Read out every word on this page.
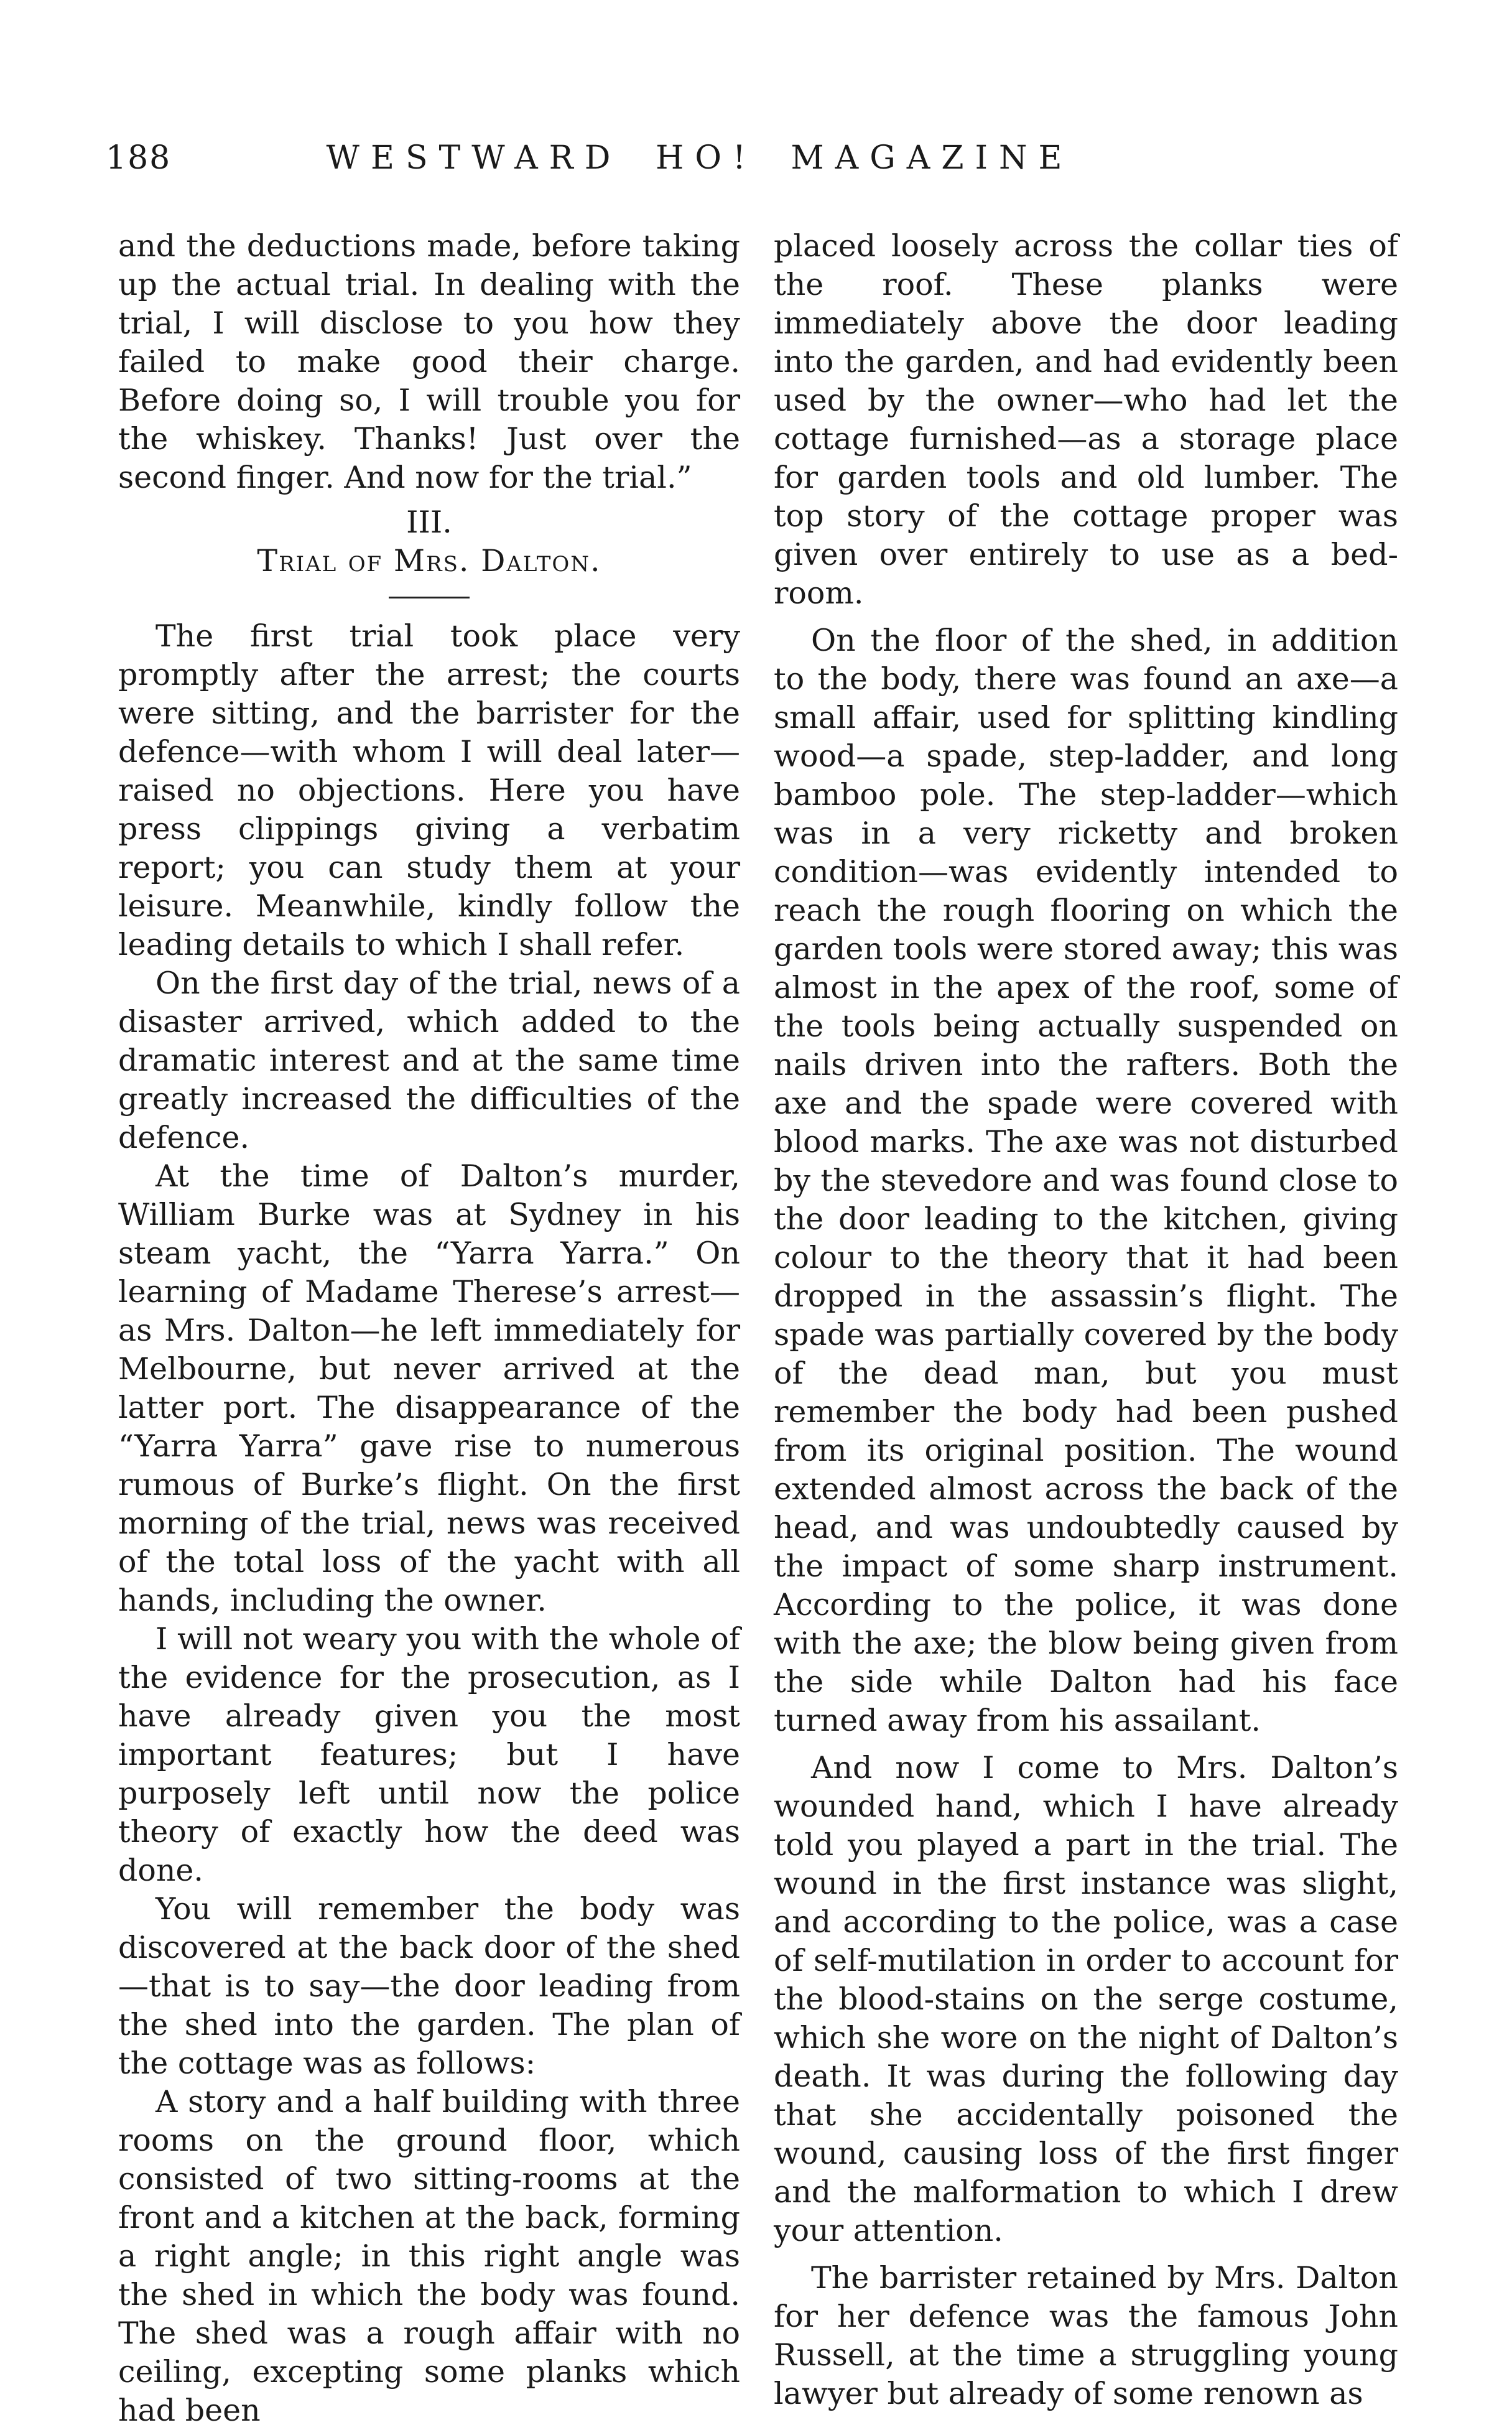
188	WESTWARD HO! MAGAZINE

and the deductions made, before taking up the actual trial. In dealing with the trial, I will disclose to you how they failed to make good their charge. Before doing so, I will trouble you for the whiskey. Thanks! Just over the second finger. And now for the trial.”

III.
Trial of Mrs. Dalton.

The first trial took place very promptly after the arrest; the courts were sitting, and the barrister for the defence—with whom I will deal later—raised no objections. Here you have press clippings giving a verbatim report; you can study them at your leisure. Meanwhile, kindly follow the leading details to which I shall refer.

On the first day of the trial, news of a disaster arrived, which added to the dramatic interest and at the same time greatly increased the difficulties of the defence.

At the time of Dalton’s murder, William Burke was at Sydney in his steam yacht, the “Yarra Yarra.” On learning of Madame Therese’s arrest—as Mrs. Dalton—he left immediately for Melbourne, but never arrived at the latter port. The disappearance of the “Yarra Yarra” gave rise to numerous rumous of Burke’s flight. On the first morning of the trial, news was received of the total loss of the yacht with all hands, including the owner.

I will not weary you with the whole of the evidence for the prosecution, as I have already given you the most important features; but I have purposely left until now the police theory of exactly how the deed was done.

You will remember the body was discovered at the back door of the shed—that is to say—the door leading from the shed into the garden. The plan of the cottage was as follows:

A story and a half building with three rooms on the ground floor, which consisted of two sitting-rooms at the front and a kitchen at the back, forming a right angle; in this right angle was the shed in which the body was found. The shed was a rough affair with no ceiling, excepting some planks which had been

placed loosely across the collar ties of the roof. These planks were immediately above the door leading into the garden, and had evidently been used by the owner—who had let the cottage furnished—as a storage place for garden tools and old lumber. The top story of the cottage proper was given over entirely to use as a bed-room.

On the floor of the shed, in addition to the body, there was found an axe—a small affair, used for splitting kindling wood—a spade, step-ladder, and long bamboo pole. The step-ladder—which was in a very ricketty and broken condition—was evidently intended to reach the rough flooring on which the garden tools were stored away; this was almost in the apex of the roof, some of the tools being actually suspended on nails driven into the rafters. Both the axe and the spade were covered with blood marks. The axe was not disturbed by the stevedore and was found close to the door leading to the kitchen, giving colour to the theory that it had been dropped in the assassin’s flight. The spade was partially covered by the body of the dead man, but you must remember the body had been pushed from its original position. The wound extended almost across the back of the head, and was undoubtedly caused by the impact of some sharp instrument. According to the police, it was done with the axe; the blow being given from the side while Dalton had his face turned away from his assailant.

And now I come to Mrs. Dalton’s wounded hand, which I have already told you played a part in the trial. The wound in the first instance was slight, and according to the police, was a case of self-mutilation in order to account for the blood-stains on the serge costume, which she wore on the night of Dalton’s death. It was during the following day that she accidentally poisoned the wound, causing loss of the first finger and the malformation to which I drew your attention.

The barrister retained by Mrs. Dalton for her defence was the famous John Russell, at the time a struggling young lawyer but already of some renown as
